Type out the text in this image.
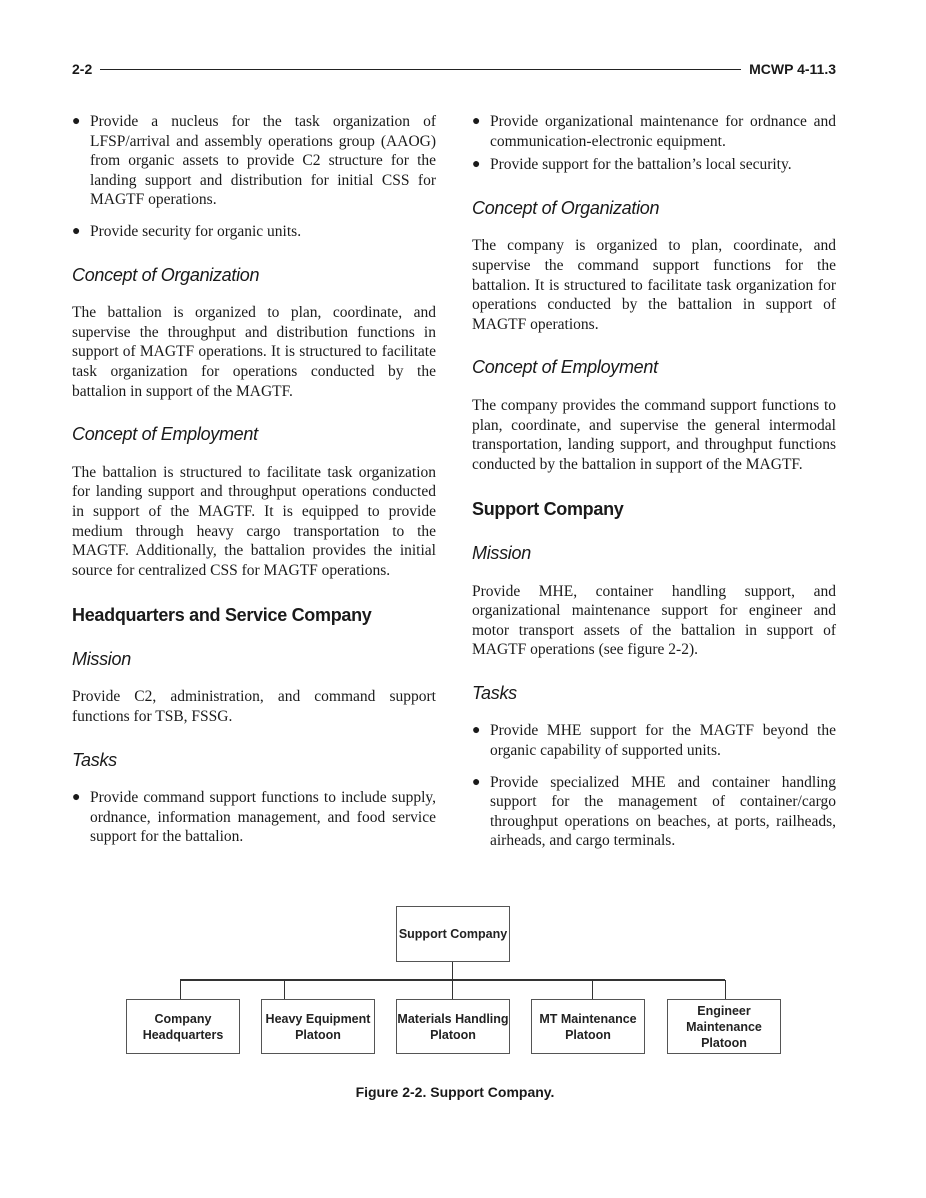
2-2	MCWP 4-11.3
● Provide a nucleus for the task organization of LFSP/arrival and assembly operations group (AAOG) from organic assets to provide C2 structure for the landing support and distribution for initial CSS for MAGTF operations.
● Provide security for organic units.
Concept of Organization

The battalion is organized to plan, coordinate, and supervise the throughput and distribution functions in support of MAGTF operations. It is structured to facilitate task organization for operations conducted by the battalion in support of the MAGTF.

Concept of Employment

The battalion is structured to facilitate task organization for landing support and throughput operations conducted in support of the MAGTF. It is equipped to provide medium through heavy cargo transportation to the MAGTF. Additionally, the battalion provides the initial source for centralized CSS for MAGTF operations.

Headquarters and Service Company
Mission

Provide C2, administration, and command support functions for TSB, FSSG.

Tasks
● Provide command support functions to include supply, ordnance, information management, and food service support for the battalion.
● Provide organizational maintenance for ordnance and communication-electronic equipment.
● Provide support for the battalion’s local security.
Concept of Organization

The company is organized to plan, coordinate, and supervise the command support functions for the battalion. It is structured to facilitate task organization for operations conducted by the battalion in support of MAGTF operations.

Concept of Employment

The company provides the command support functions to plan, coordinate, and supervise the general intermodal transportation, landing support, and throughput functions conducted by the battalion in support of the MAGTF.

Support Company
Mission

Provide MHE, container handling support, and organizational maintenance support for engineer and motor transport assets of the battalion in support of MAGTF operations (see figure 2-2).

Tasks
● Provide MHE support for the MAGTF beyond the organic capability of supported units.
● Provide specialized MHE and container handling support for the management of container/cargo throughput operations on beaches, at ports, railheads, airheads, and cargo terminals.
Support Company
Company Headquarters
Heavy Equipment Platoon
Materials Handling Platoon
MT Maintenance Platoon
Engineer Maintenance Platoon
Figure 2-2. Support Company.
